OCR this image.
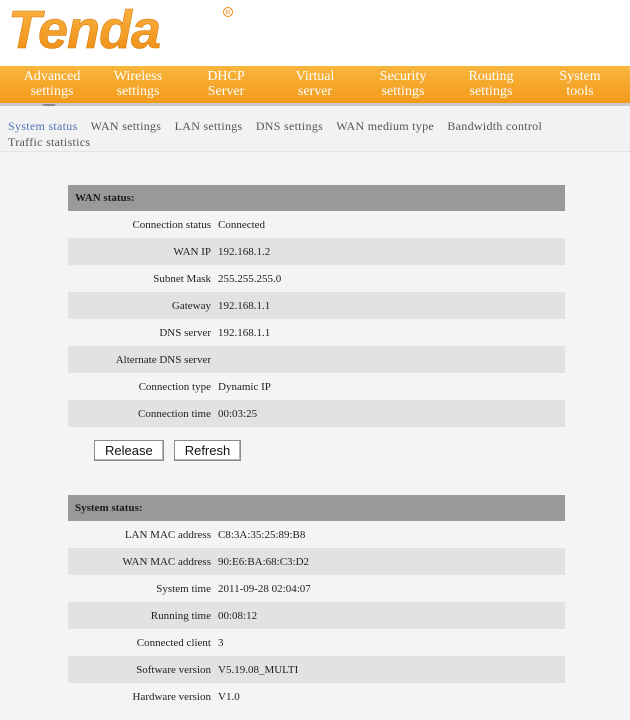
Tenda	R
Advanced
settings
Wireless
settings
DHCP
Server
Virtual
server
Security
settings
Routing
settings
System
tools
System status WAN settings LAN settings DNS settings WAN medium type Bandwidth control Traffic statistics
WAN status:
Connection status Connected
WAN IP 192.168.1.2
Subnet Mask 255.255.255.0
Gateway 192.168.1.1
DNS server 192.168.1.1
Alternate DNS server
Connection type Dynamic IP
Connection time 00:03:25
Release	Refresh
System status:
LAN MAC address C8:3A:35:25:89:B8
WAN MAC address 90:E6:BA:68:C3:D2
System time 2011-09-28 02:04:07
Running time 00:08:12
Connected client 3
Software version V5.19.08_MULTI
Hardware version V1.0
